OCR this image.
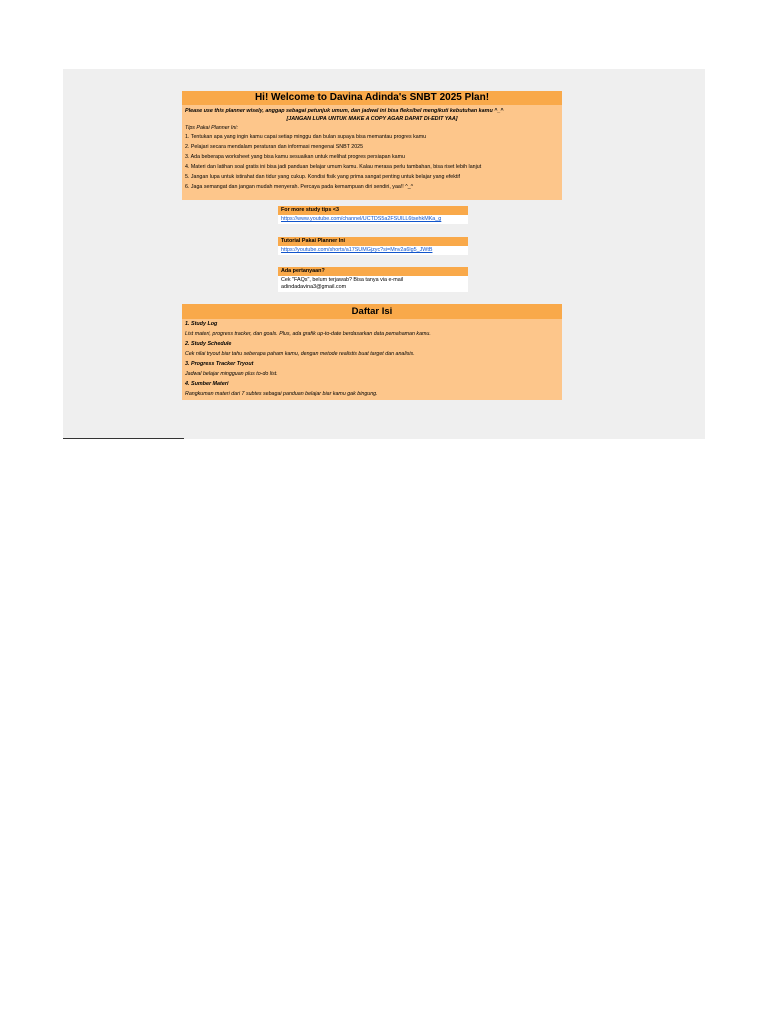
Hi! Welcome to Davina Adinda's SNBT 2025 Plan!
Please use this planner wisely, anggap sebagai petunjuk umum, dan jadwal ini bisa fleksibel mengikuti kebutuhan kamu ^_^
[JANGAN LUPA UNTUK MAKE A COPY AGAR DAPAT DI-EDIT YAA]
Tips Pakai Planner Ini:
1. Tentukan apa yang ingin kamu capai setiap minggu dan bulan supaya bisa memantau progres kamu
2. Pelajari secara mendalam peraturan dan informasi mengenai SNBT 2025
3. Ada beberapa worksheet yang bisa kamu sesuaikan untuk melihat progres persiapan kamu
4. Materi dan latihan soal gratis ini bisa jadi panduan belajar umum kamu. Kalau merasa perlu tambahan, bisa riset lebih lanjut
5. Jangan lupa untuk istirahat dan tidur yang cukup. Kondisi fisik yang prima sangat penting untuk belajar yang efektif
6. Jaga semangat dan jangan mudah menyerah. Percaya pada kemampuan diri sendiri, yaa!! ^_^
For more study tips <3
https://www.youtube.com/channel/UCTDS5a2FSUlLL6tsehkMKa_g
Tutorial Pakai Planner Ini
https://youtube.com/shorts/a17SUMGjzyc?si=Mnv2a6lg5_JWtB
Ada pertanyaan?
Cek "FAQs", belum terjawab? Bisa tanya via e-mail
adindadavina3@gmail.com
Daftar Isi
1. Study Log
List materi, progress tracker, dan goals. Plus, ada grafik up-to-date berdasarkan data pemahaman kamu.
2. Study Schedule
Cek nilai tryout biar tahu seberapa paham kamu, dengan metode realistis buat target dan analisis.
3. Progress Tracker Tryout
Jadwal belajar mingguan plus to-do list.
4. Sumber Materi
Rangkuman materi dari 7 subtes sebagai panduan belajar biar kamu gak bingung.
